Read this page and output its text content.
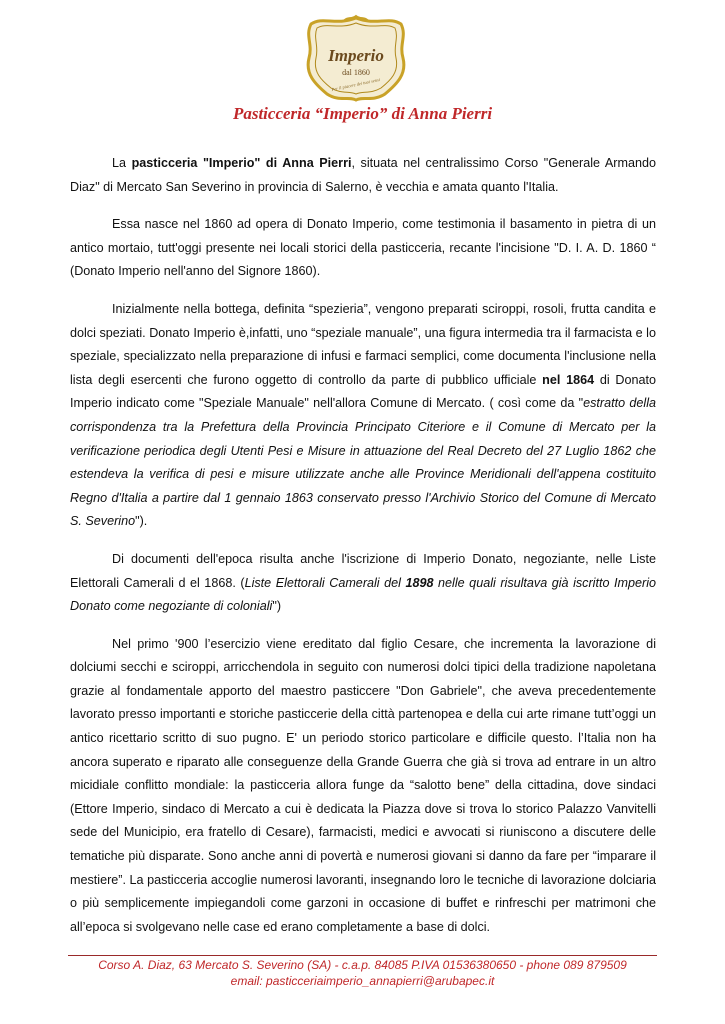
Imperio
dal 1860
Per il piacere dei tuoi sensi
Pasticceria “Imperio” di Anna Pierri

La pasticceria "Imperio" di Anna Pierri, situata nel centralissimo Corso "Generale Armando Diaz" di Mercato San Severino in provincia di Salerno, è vecchia e amata quanto l'Italia.

Essa nasce nel 1860 ad opera di Donato Imperio, come testimonia il basamento in pietra di un antico mortaio, tutt'oggi presente nei locali storici della pasticceria, recante l'incisione "D. I. A. D. 1860 “ (Donato Imperio nell'anno del Signore 1860).

Inizialmente nella bottega, definita “spezieria”, vengono preparati sciroppi, rosoli, frutta candita e dolci speziati. Donato Imperio è,infatti, uno “speziale manuale”, una figura intermedia tra il farmacista e lo speziale, specializzato nella preparazione di infusi e farmaci semplici, come documenta l'inclusione nella lista degli esercenti che furono oggetto di controllo da parte di pubblico ufficiale nel 1864 di Donato Imperio indicato come "Speziale Manuale" nell'allora Comune di Mercato. ( così come da "estratto della corrispondenza tra la Prefettura della Provincia Principato Citeriore e il Comune di Mercato per la verificazione periodica degli Utenti Pesi e Misure in attuazione del Real Decreto del 27 Luglio 1862 che estendeva la verifica di pesi e misure utilizzate anche alle Province Meridionali dell'appena costituito Regno d'Italia a partire dal 1 gennaio 1863 conservato presso l'Archivio Storico del Comune di Mercato S. Severino").

Di documenti dell'epoca risulta anche l'iscrizione di Imperio Donato, negoziante, nelle Liste Elettorali Camerali d el 1868. (Liste Elettorali Camerali del 1898 nelle quali risultava già iscritto Imperio Donato come negoziante di coloniali")

Nel primo '900 l’esercizio viene ereditato dal figlio Cesare, che incrementa la lavorazione di dolciumi secchi e sciroppi, arricchendola in seguito con numerosi dolci tipici della tradizione napoletana grazie al fondamentale apporto del maestro pasticcere "Don Gabriele", che aveva precedentemente lavorato presso importanti e storiche pasticcerie della città partenopea e della cui arte rimane tutt’oggi un antico ricettario scritto di suo pugno. E' un periodo storico particolare e difficile questo. l’Italia non ha ancora superato e riparato alle conseguenze della Grande Guerra che già si trova ad entrare in un altro micidiale conflitto mondiale: la pasticceria allora funge da “salotto bene” della cittadina, dove sindaci (Ettore Imperio, sindaco di Mercato a cui è dedicata la Piazza dove si trova lo storico Palazzo Vanvitelli sede del Municipio, era fratello di Cesare), farmacisti, medici e avvocati si riuniscono a discutere delle tematiche più disparate. Sono anche anni di povertà e numerosi giovani si danno da fare per “imparare il mestiere”. La pasticceria accoglie numerosi lavoranti, insegnando loro le tecniche di lavorazione dolciaria o più semplicemente impiegandoli come garzoni in occasione di buffet e rinfreschi per matrimoni che all’epoca si svolgevano nelle case ed erano completamente a base di dolci.

Corso A. Diaz, 63 Mercato S. Severino (SA) - c.a.p. 84085 P.IVA 01536380650 - phone 089 879509
email: pasticceriaimperio_annapierri@arubapec.it
